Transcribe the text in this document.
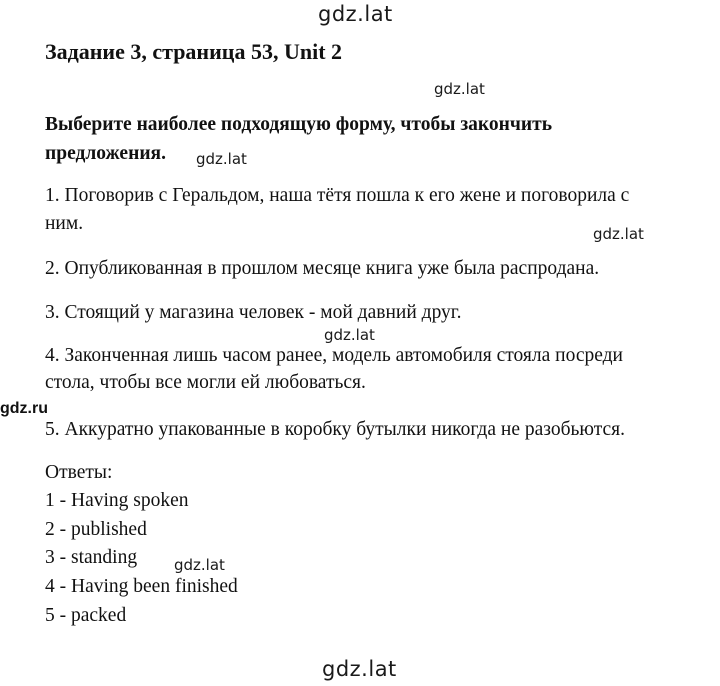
gdz.lat
gdz.lat
gdz.lat
gdz.lat
gdz.lat
gdz.ru
gdz.lat
gdz.lat
Задание 3, страница 53, Unit 2
Выберите наиболее подходящую форму, чтобы закончить
предложения.
1. Поговорив с Геральдом, наша тётя пошла к его жене и поговорила с
ним.
2. Опубликованная в прошлом месяце книга уже была распродана.
3. Стоящий у магазина человек - мой давний друг.
4. Законченная лишь часом ранее, модель автомобиля стояла посреди
стола, чтобы все могли ей любоваться.
5. Аккуратно упакованные в коробку бутылки никогда не разобьются.
Ответы:
1 - Having spoken
2 - published
3 - standing
4 - Having been finished
5 - packed
